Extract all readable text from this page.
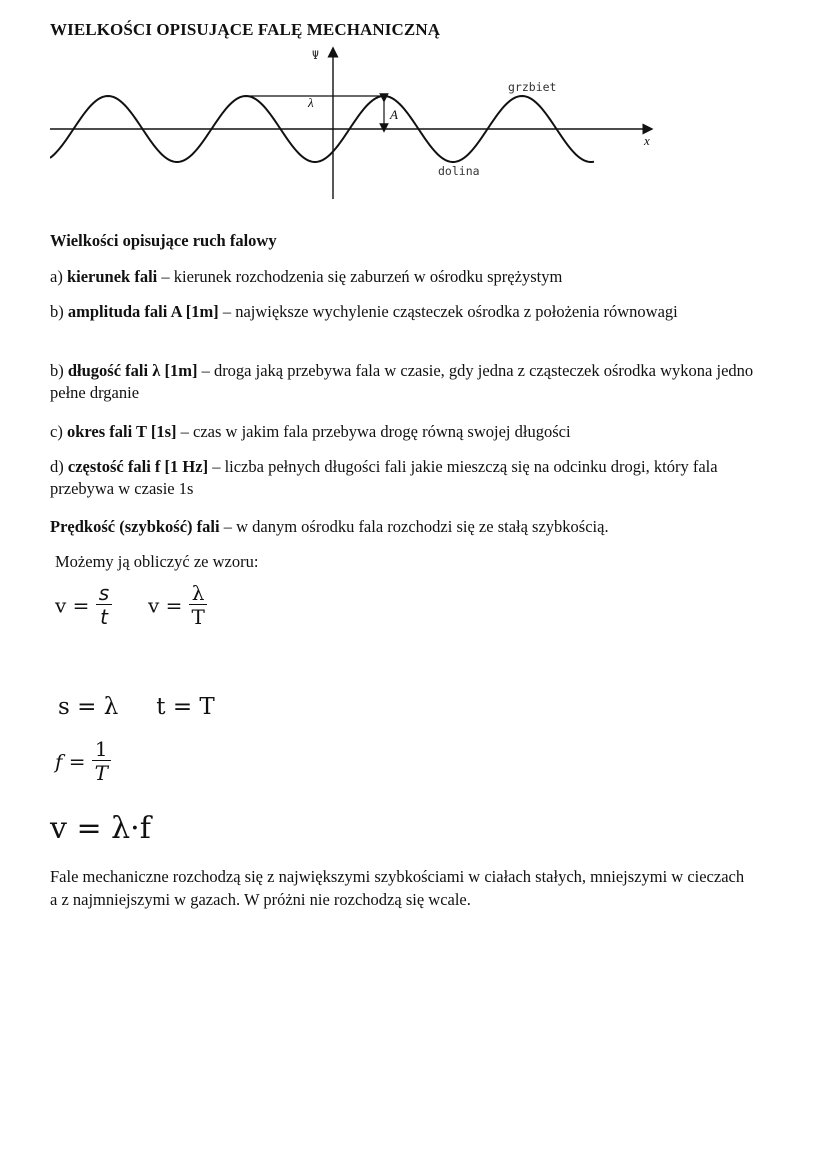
WIELKOŚCI OPISUJĄCE FALĘ MECHANICZNĄ
Ψ
x
λ
A
grzbiet
dolina
Wielkości opisujące ruch falowy
a) kierunek fali – kierunek rozchodzenia się zaburzeń w ośrodku sprężystym
b) amplituda fali A [1m] – największe wychylenie cząsteczek ośrodka z położenia równowagi
b) długość fali λ [1m] – droga jaką przebywa fala w czasie, gdy jedna z cząsteczek ośrodka wykona jedno pełne drganie
c) okres fali T [1s] – czas w jakim fala przebywa drogę równą swojej długości
d) częstość fali f [1 Hz] – liczba pełnych długości fali jakie mieszczą się na odcinku drogi, który fala przebywa w czasie 1s
Prędkość (szybkość) fali – w danym ośrodku fala rozchodzi się ze stałą szybkością.
Możemy ją obliczyć ze wzoru:
$v = \frac{s}{t}$ $v = \frac{\lambda}{T}$
s = λ t = T
$f = \frac{1}{T}$
v = λ·f
Fale mechaniczne rozchodzą się z największymi szybkościami w ciałach stałych, mniejszymi w cieczach a z najmniejszymi w gazach. W próżni nie rozchodzą się wcale.
